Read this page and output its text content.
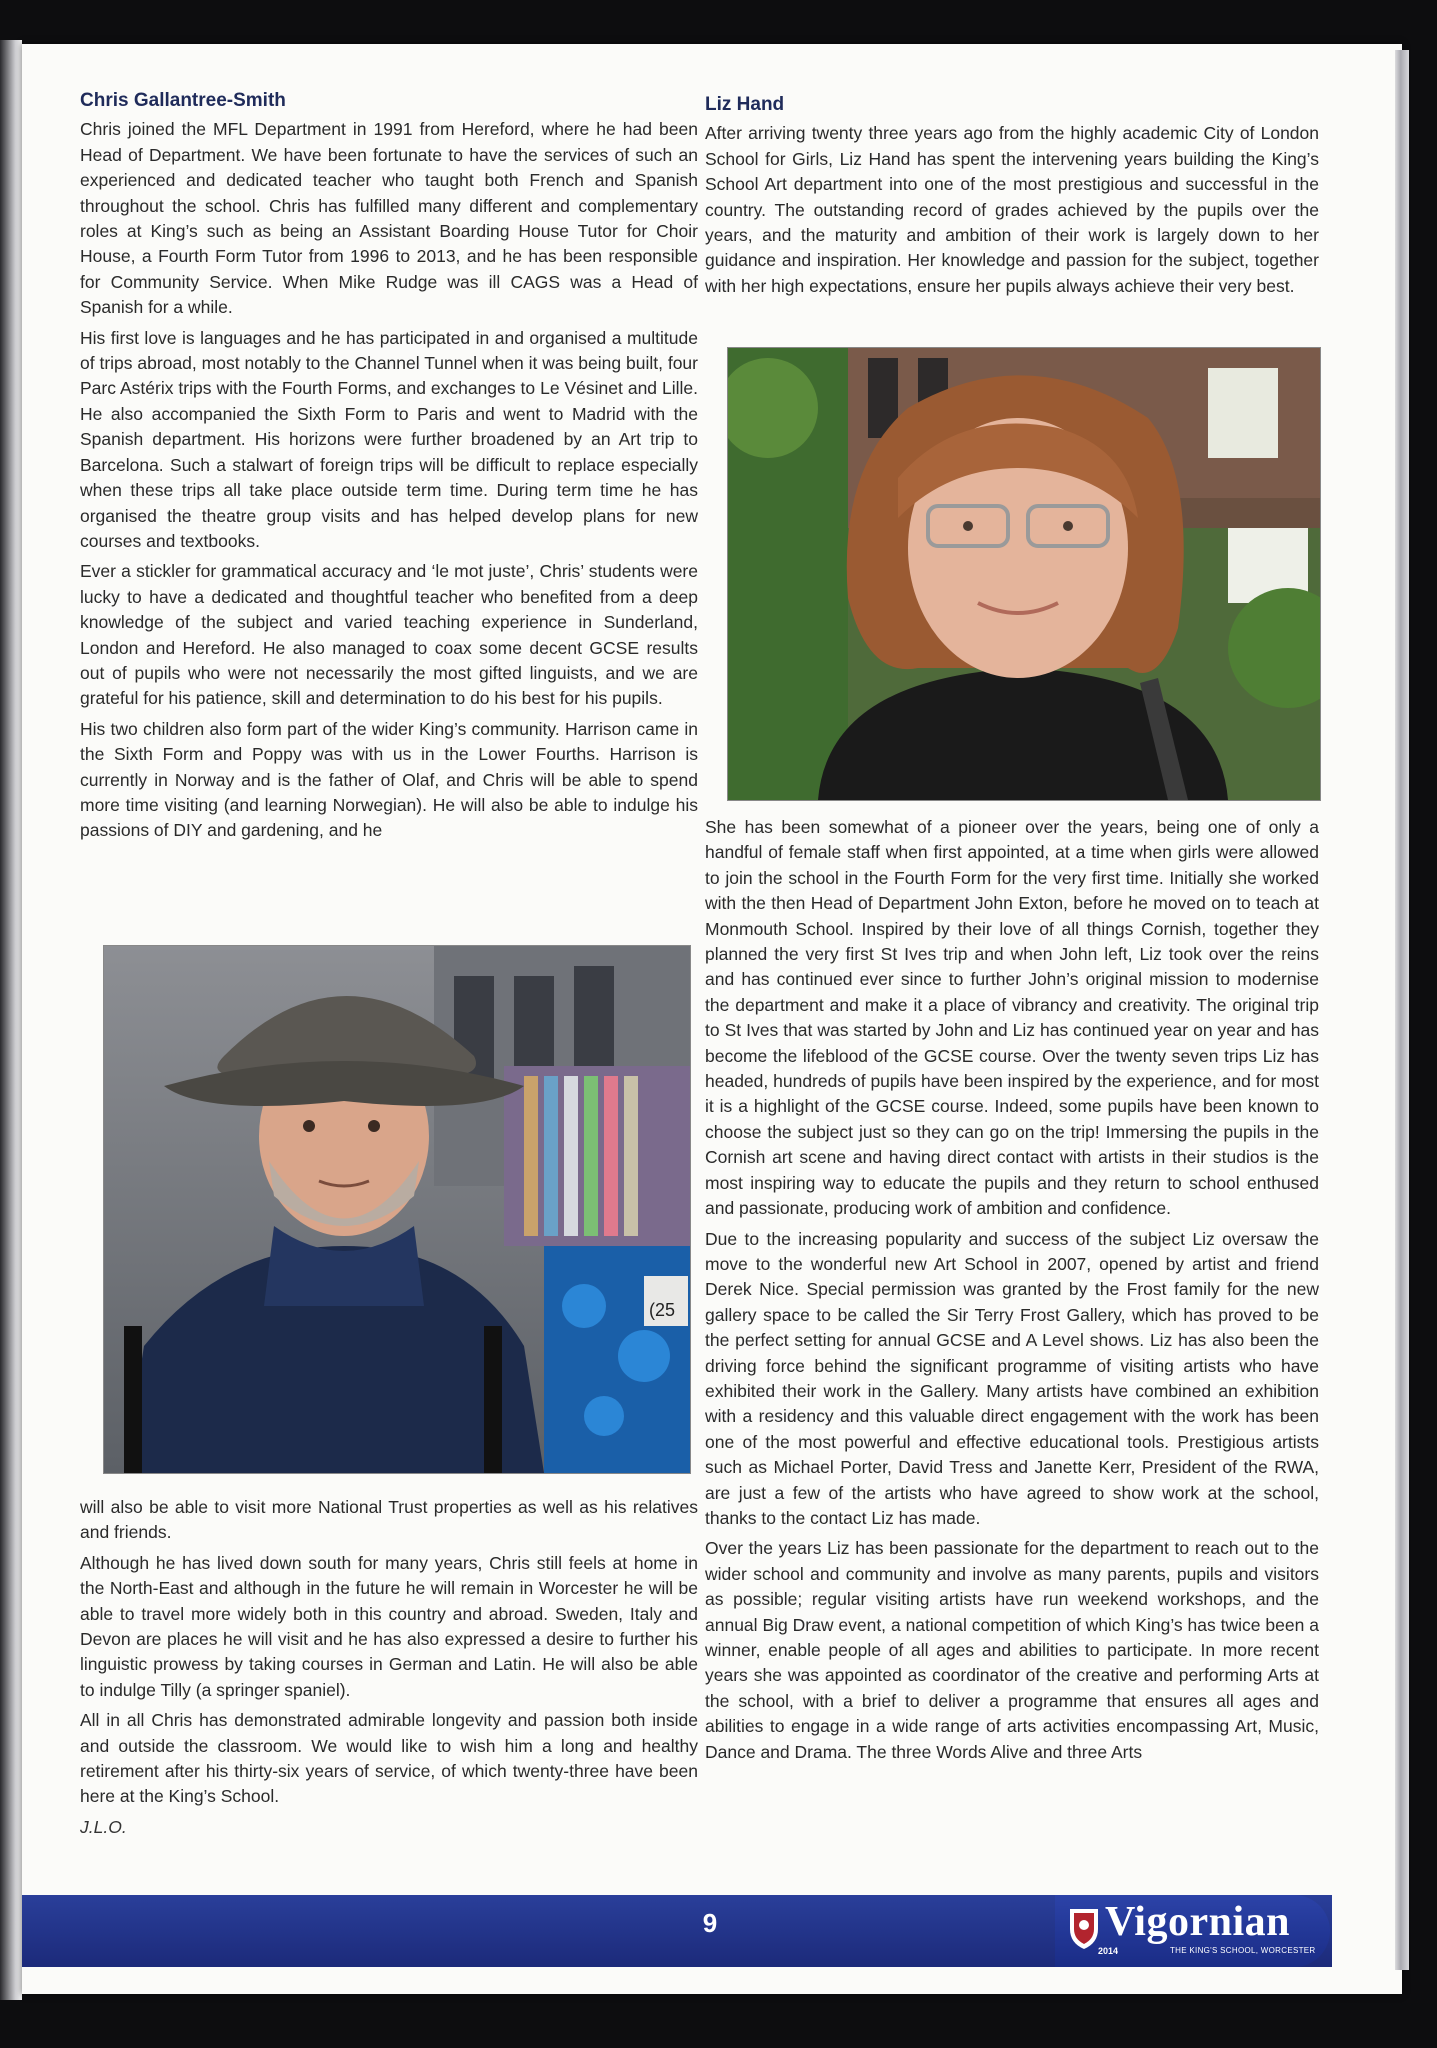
Chris Gallantree-Smith

Chris joined the MFL Department in 1991 from Hereford, where he had been Head of Department. We have been fortunate to have the services of such an experienced and dedicated teacher who taught both French and Spanish throughout the school. Chris has fulfilled many different and complementary roles at King’s such as being an Assistant Boarding House Tutor for Choir House, a Fourth Form Tutor from 1996 to 2013, and he has been responsible for Community Service. When Mike Rudge was ill CAGS was a Head of Spanish for a while.

His first love is languages and he has participated in and organised a multitude of trips abroad, most notably to the Channel Tunnel when it was being built, four Parc Astérix trips with the Fourth Forms, and exchanges to Le Vésinet and Lille. He also accompanied the Sixth Form to Paris and went to Madrid with the Spanish department. His horizons were further broadened by an Art trip to Barcelona. Such a stalwart of foreign trips will be difficult to replace especially when these trips all take place outside term time. During term time he has organised the theatre group visits and has helped develop plans for new courses and textbooks.

Ever a stickler for grammatical accuracy and ‘le mot juste’, Chris’ students were lucky to have a dedicated and thoughtful teacher who benefited from a deep knowledge of the subject and varied teaching experience in Sunderland, London and Hereford. He also managed to coax some decent GCSE results out of pupils who were not necessarily the most gifted linguists, and we are grateful for his patience, skill and determination to do his best for his pupils.

His two children also form part of the wider King’s community. Harrison came in the Sixth Form and Poppy was with us in the Lower Fourths. Harrison is currently in Norway and is the father of Olaf, and Chris will be able to spend more time visiting (and learning Norwegian). He will also be able to indulge his passions of DIY and gardening, and he

(25

will also be able to visit more National Trust properties as well as his relatives and friends.

Although he has lived down south for many years, Chris still feels at home in the North-East and although in the future he will remain in Worcester he will be able to travel more widely both in this country and abroad. Sweden, Italy and Devon are places he will visit and he has also expressed a desire to further his linguistic prowess by taking courses in German and Latin. He will also be able to indulge Tilly (a springer spaniel).

All in all Chris has demonstrated admirable longevity and passion both inside and outside the classroom. We would like to wish him a long and healthy retirement after his thirty-six years of service, of which twenty-three have been here at the King’s School.

J.L.O.

Liz Hand

After arriving twenty three years ago from the highly academic City of London School for Girls, Liz Hand has spent the intervening years building the King’s School Art department into one of the most prestigious and successful in the country. The outstanding record of grades achieved by the pupils over the years, and the maturity and ambition of their work is largely down to her guidance and inspiration. Her knowledge and passion for the subject, together with her high expectations, ensure her pupils always achieve their very best.

She has been somewhat of a pioneer over the years, being one of only a handful of female staff when first appointed, at a time when girls were allowed to join the school in the Fourth Form for the very first time. Initially she worked with the then Head of Department John Exton, before he moved on to teach at Monmouth School. Inspired by their love of all things Cornish, together they planned the very first St Ives trip and when John left, Liz took over the reins and has continued ever since to further John’s original mission to modernise the department and make it a place of vibrancy and creativity. The original trip to St Ives that was started by John and Liz has continued year on year and has become the lifeblood of the GCSE course. Over the twenty seven trips Liz has headed, hundreds of pupils have been inspired by the experience, and for most it is a highlight of the GCSE course. Indeed, some pupils have been known to choose the subject just so they can go on the trip! Immersing the pupils in the Cornish art scene and having direct contact with artists in their studios is the most inspiring way to educate the pupils and they return to school enthused and passionate, producing work of ambition and confidence.

Due to the increasing popularity and success of the subject Liz oversaw the move to the wonderful new Art School in 2007, opened by artist and friend Derek Nice. Special permission was granted by the Frost family for the new gallery space to be called the Sir Terry Frost Gallery, which has proved to be the perfect setting for annual GCSE and A Level shows. Liz has also been the driving force behind the significant programme of visiting artists who have exhibited their work in the Gallery. Many artists have combined an exhibition with a residency and this valuable direct engagement with the work has been one of the most powerful and effective educational tools. Prestigious artists such as Michael Porter, David Tress and Janette Kerr, President of the RWA, are just a few of the artists who have agreed to show work at the school, thanks to the contact Liz has made.

Over the years Liz has been passionate for the department to reach out to the wider school and community and involve as many parents, pupils and visitors as possible; regular visiting artists have run weekend workshops, and the annual Big Draw event, a national competition of which King’s has twice been a winner, enable people of all ages and abilities to participate. In more recent years she was appointed as coordinator of the creative and performing Arts at the school, with a brief to deliver a programme that ensures all ages and abilities to engage in a wide range of arts activities encompassing Art, Music, Dance and Drama. The three Words Alive and three Arts

9	Vigornian
2014	THE KING'S SCHOOL, WORCESTER
